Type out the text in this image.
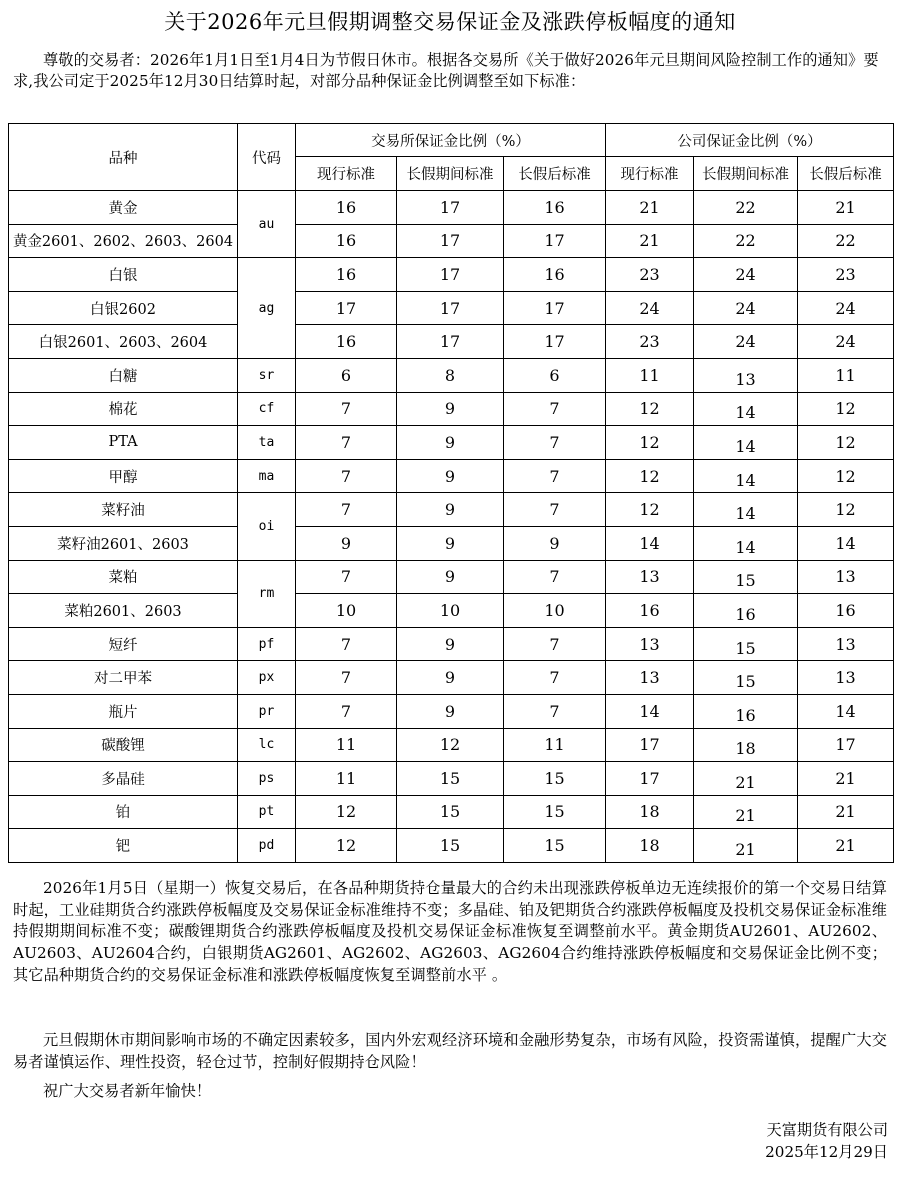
关于2026年元旦假期调整交易保证金及涨跌停板幅度的通知
尊敬的交易者：2026年1月1日至1月4日为节假日休市。根据各交易所《关于做好2026年元旦期间风险控制工作的通知》要求,我公司定于2025年12月30日结算时起，对部分品种保证金比例调整至如下标准：
品种	代码	交易所保证金比例（%）			公司保证金比例（%）		
		现行标准	长假期间标准	长假后标准	现行标准	长假期间标准	长假后标准
黄金	au	16	17	16	21	22	21
黄金2601、2602、2603、2604		16	17	17	21	22	22
白银	ag	16	17	16	23	24	23
白银2602		17	17	17	24	24	24
白银2601、2603、2604		16	17	17	23	24	24
白糖	sr	6	8	6	11	13	11
棉花	cf	7	9	7	12	14	12
PTA	ta	7	9	7	12	14	12
甲醇	ma	7	9	7	12	14	12
菜籽油	oi	7	9	7	12	14	12
菜籽油2601、2603		9	9	9	14	14	14
菜粕	rm	7	9	7	13	15	13
菜粕2601、2603		10	10	10	16	16	16
短纤	pf	7	9	7	13	15	13
对二甲苯	px	7	9	7	13	15	13
瓶片	pr	7	9	7	14	16	14
碳酸锂	lc	11	12	11	17	18	17
多晶硅	ps	11	15	15	17	21	21
铂	pt	12	15	15	18	21	21
钯	pd	12	15	15	18	21	21
2026年1月5日（星期一）恢复交易后，在各品种期货持仓量最大的合约未出现涨跌停板单边无连续报价的第一个交易日结算时起，工业硅期货合约涨跌停板幅度及交易保证金标准维持不变；多晶硅、铂及钯期货合约涨跌停板幅度及投机交易保证金标准维持假期期间标准不变；碳酸锂期货合约涨跌停板幅度及投机交易保证金标准恢复至调整前水平。黄金期货AU2601、AU2602、AU2603、AU2604合约，白银期货AG2601、AG2602、AG2603、AG2604合约维持涨跌停板幅度和交易保证金比例不变； 其它品种期货合约的交易保证金标准和涨跌停板幅度恢复至调整前水平 。
元旦假期休市期间影响市场的不确定因素较多，国内外宏观经济环境和金融形势复杂，市场有风险，投资需谨慎，提醒广大交易者谨慎运作、理性投资，轻仓过节，控制好假期持仓风险！
祝广大交易者新年愉快！
天富期货有限公司
2025年12月29日
